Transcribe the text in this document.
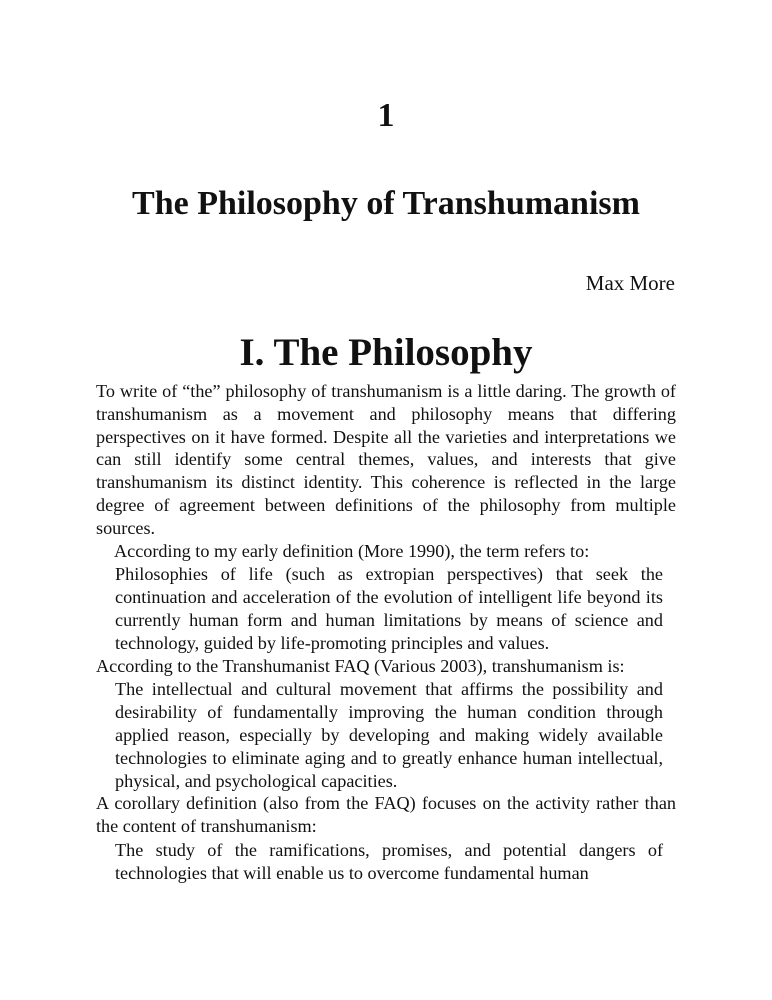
1
The Philosophy of Transhumanism
Max More
I. The Philosophy

To write of “the” philosophy of transhumanism is a little daring. The growth of transhumanism as a movement and philosophy means that differing perspectives on it have formed. Despite all the varieties and interpretations we can still identify some central themes, values, and interests that give transhumanism its distinct identity. This coherence is reflected in the large degree of agreement between definitions of the philosophy from multiple sources.

According to my early definition (More 1990), the term refers to:

Philosophies of life (such as extropian perspectives) that seek the continuation and acceleration of the evolution of intelligent life beyond its currently human form and human limitations by means of science and technology, guided by life-promoting principles and values.

According to the Transhumanist FAQ (Various 2003), transhumanism is:

The intellectual and cultural movement that affirms the possibility and desirability of fundamentally improving the human condition through applied reason, especially by developing and making widely available technologies to eliminate aging and to greatly enhance human intellectual, physical, and psychological capacities.

A corollary definition (also from the FAQ) focuses on the activity rather than the content of transhumanism:

The study of the ramifications, promises, and potential dangers of technologies that will enable us to overcome fundamental human
